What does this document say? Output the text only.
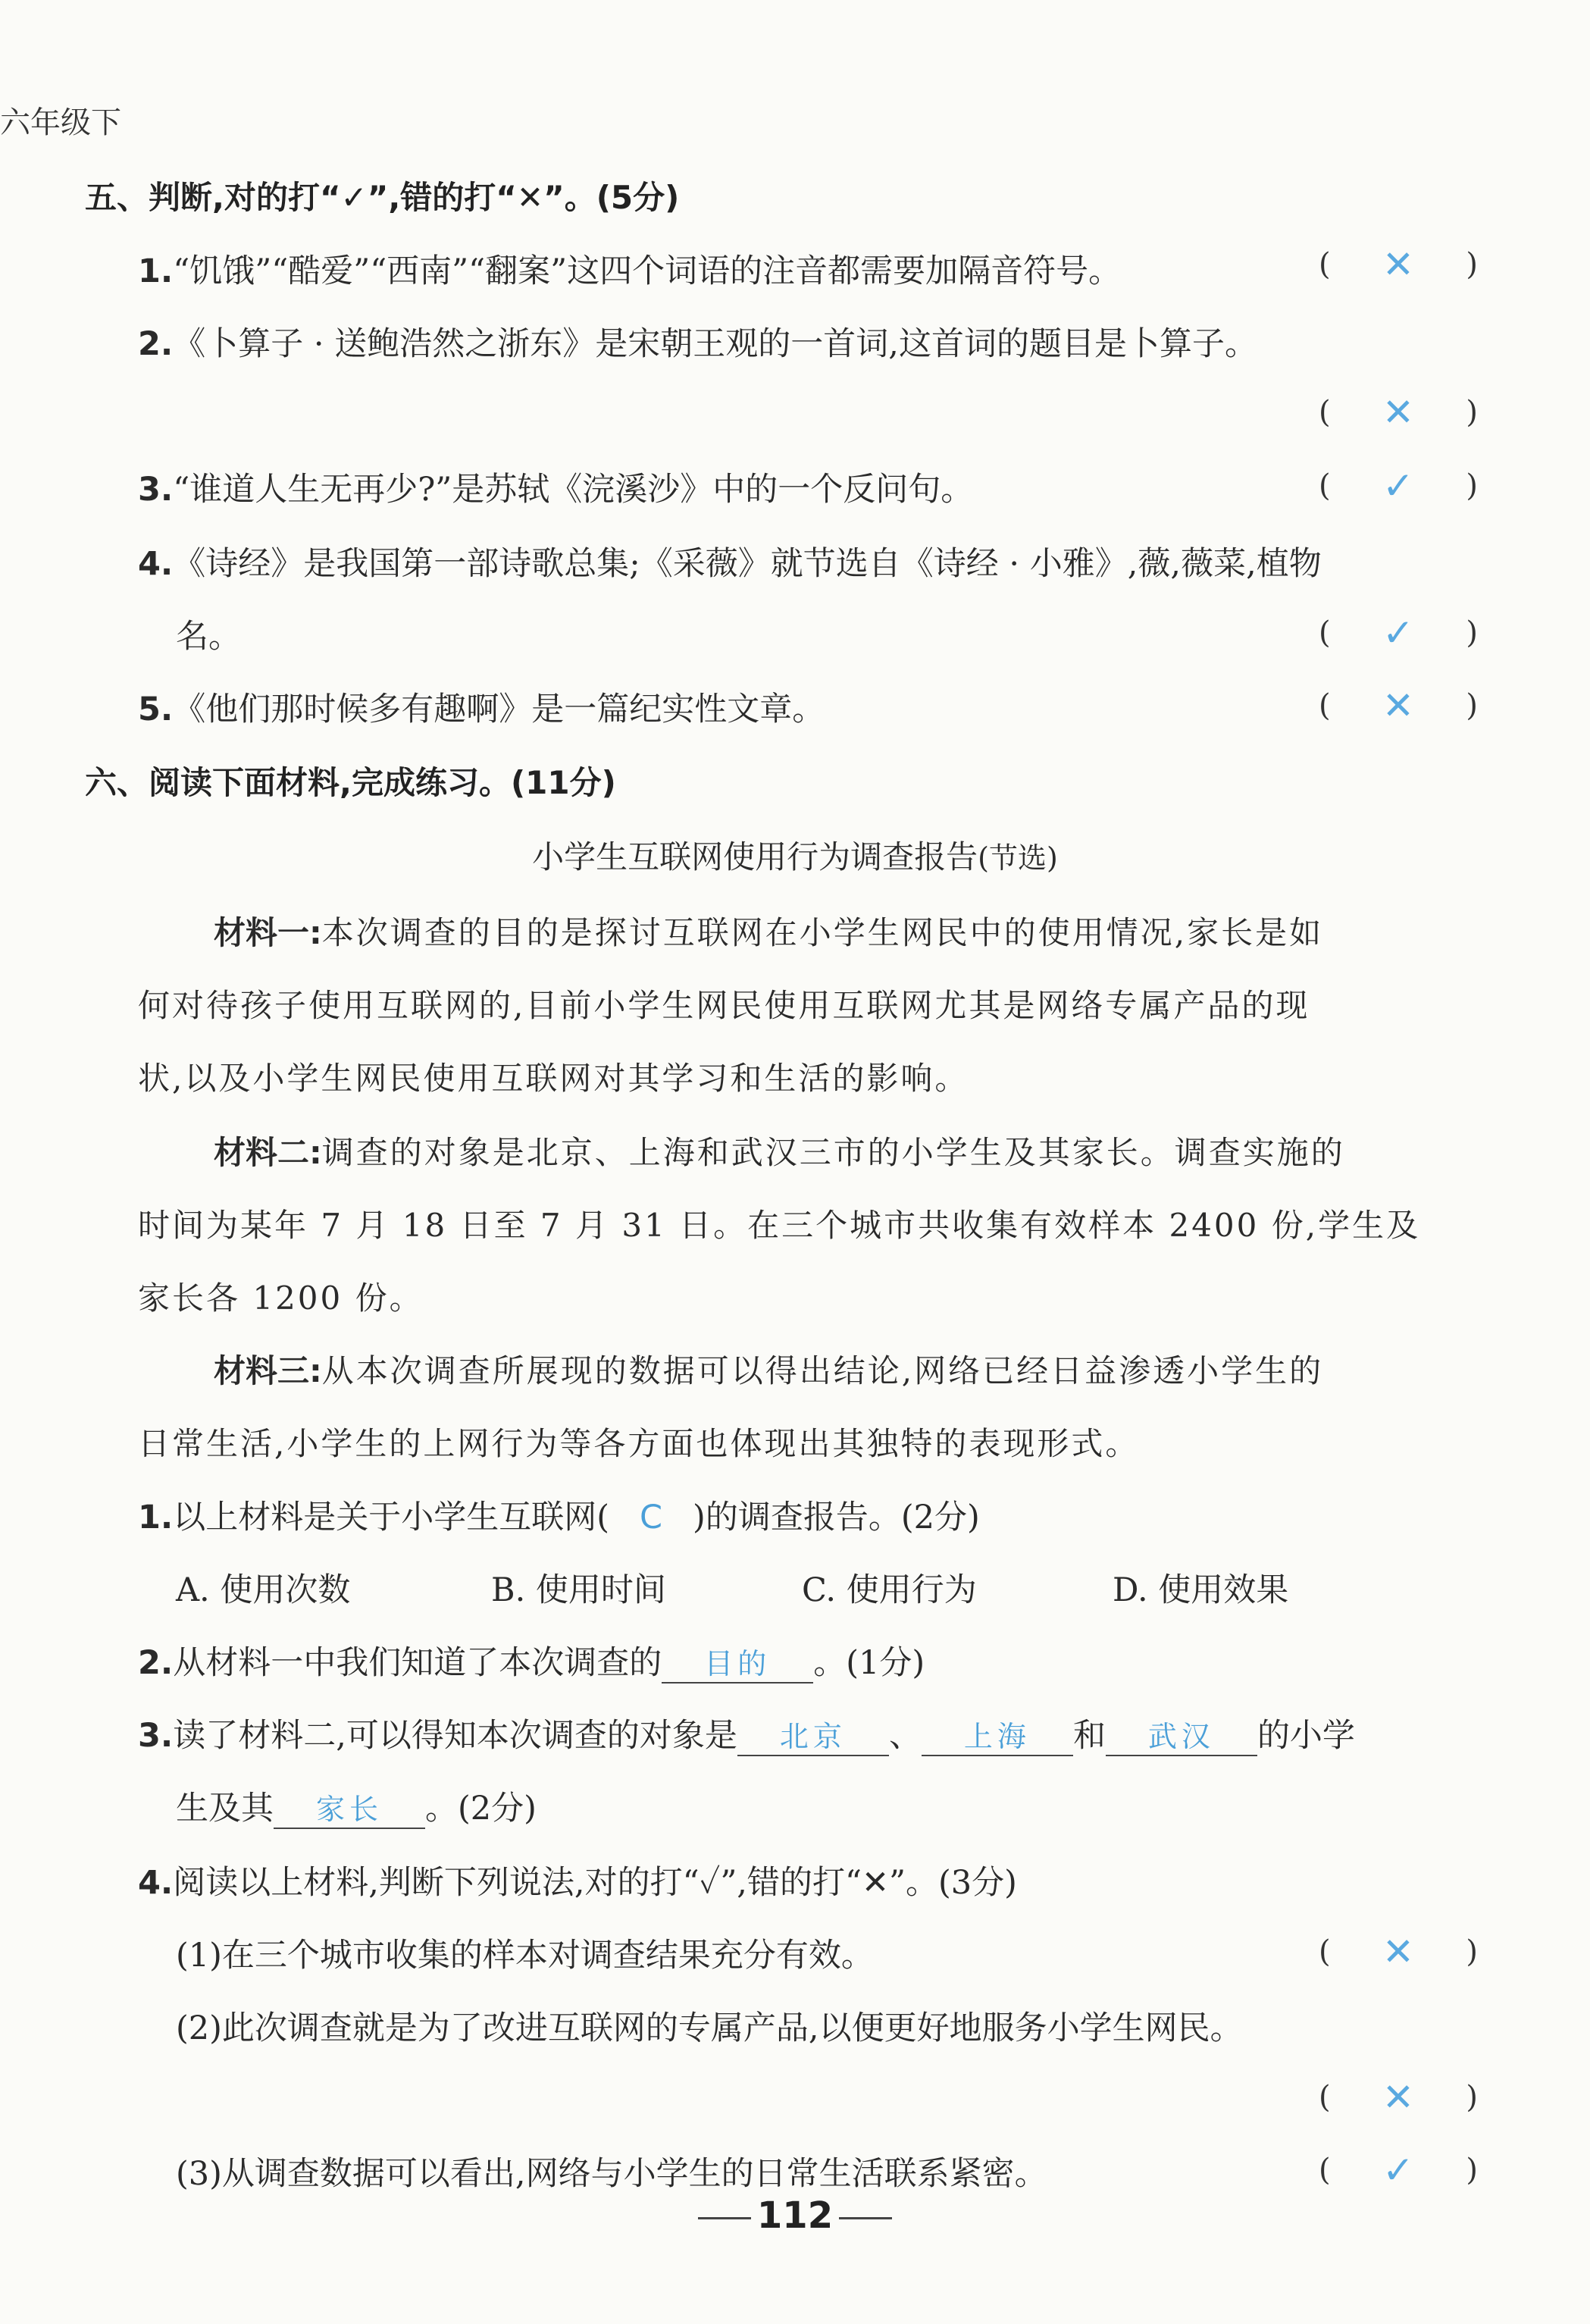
六年级下
五、判断,对的打“✓”,错的打“✕”。(5分)
1.“饥饿”“酷爱”“西南”“翻案”这四个词语的注音都需要加隔音符号。	( ✕ )
2.《卜算子 · 送鲍浩然之浙东》是宋朝王观的一首词,这首词的题目是卜算子。
( ✕ )
3.“谁道人生无再少?”是苏轼《浣溪沙》中的一个反问句。	( ✓ )
4.《诗经》是我国第一部诗歌总集;《采薇》就节选自《诗经 · 小雅》,薇,薇菜,植物
名。	( ✓ )
5.《他们那时候多有趣啊》是一篇纪实性文章。	( ✕ )
六、阅读下面材料,完成练习。(11分)
小学生互联网使用行为调查报告(节选)
材料一:本次调查的目的是探讨互联网在小学生网民中的使用情况,家长是如
何对待孩子使用互联网的,目前小学生网民使用互联网尤其是网络专属产品的现
状,以及小学生网民使用互联网对其学习和生活的影响。
材料二:调查的对象是北京、上海和武汉三市的小学生及其家长。调查实施的
时间为某年 7 月 18 日至 7 月 31 日。在三个城市共收集有效样本 2400 份,学生及
家长各 1200 份。
材料三:从本次调查所展现的数据可以得出结论,网络已经日益渗透小学生的
日常生活,小学生的上网行为等各方面也体现出其独特的表现形式。
1.以上材料是关于小学生互联网( C )的调查报告。(2分)
A. 使用次数	B. 使用时间	C. 使用行为	D. 使用效果
2.从材料一中我们知道了本次调查的 目的 。(1分)
3.读了材料二,可以得知本次调查的对象是 北京 、 上海 和 武汉 的小学
生及其 家长 。(2分)
4.阅读以上材料,判断下列说法,对的打“✓”,错的打“✕”。(3分)
(1)在三个城市收集的样本对调查结果充分有效。	( ✕ )
(2)此次调查就是为了改进互联网的专属产品,以便更好地服务小学生网民。
( ✕ )
(3)从调查数据可以看出,网络与小学生的日常生活联系紧密。	( ✓ )
112
